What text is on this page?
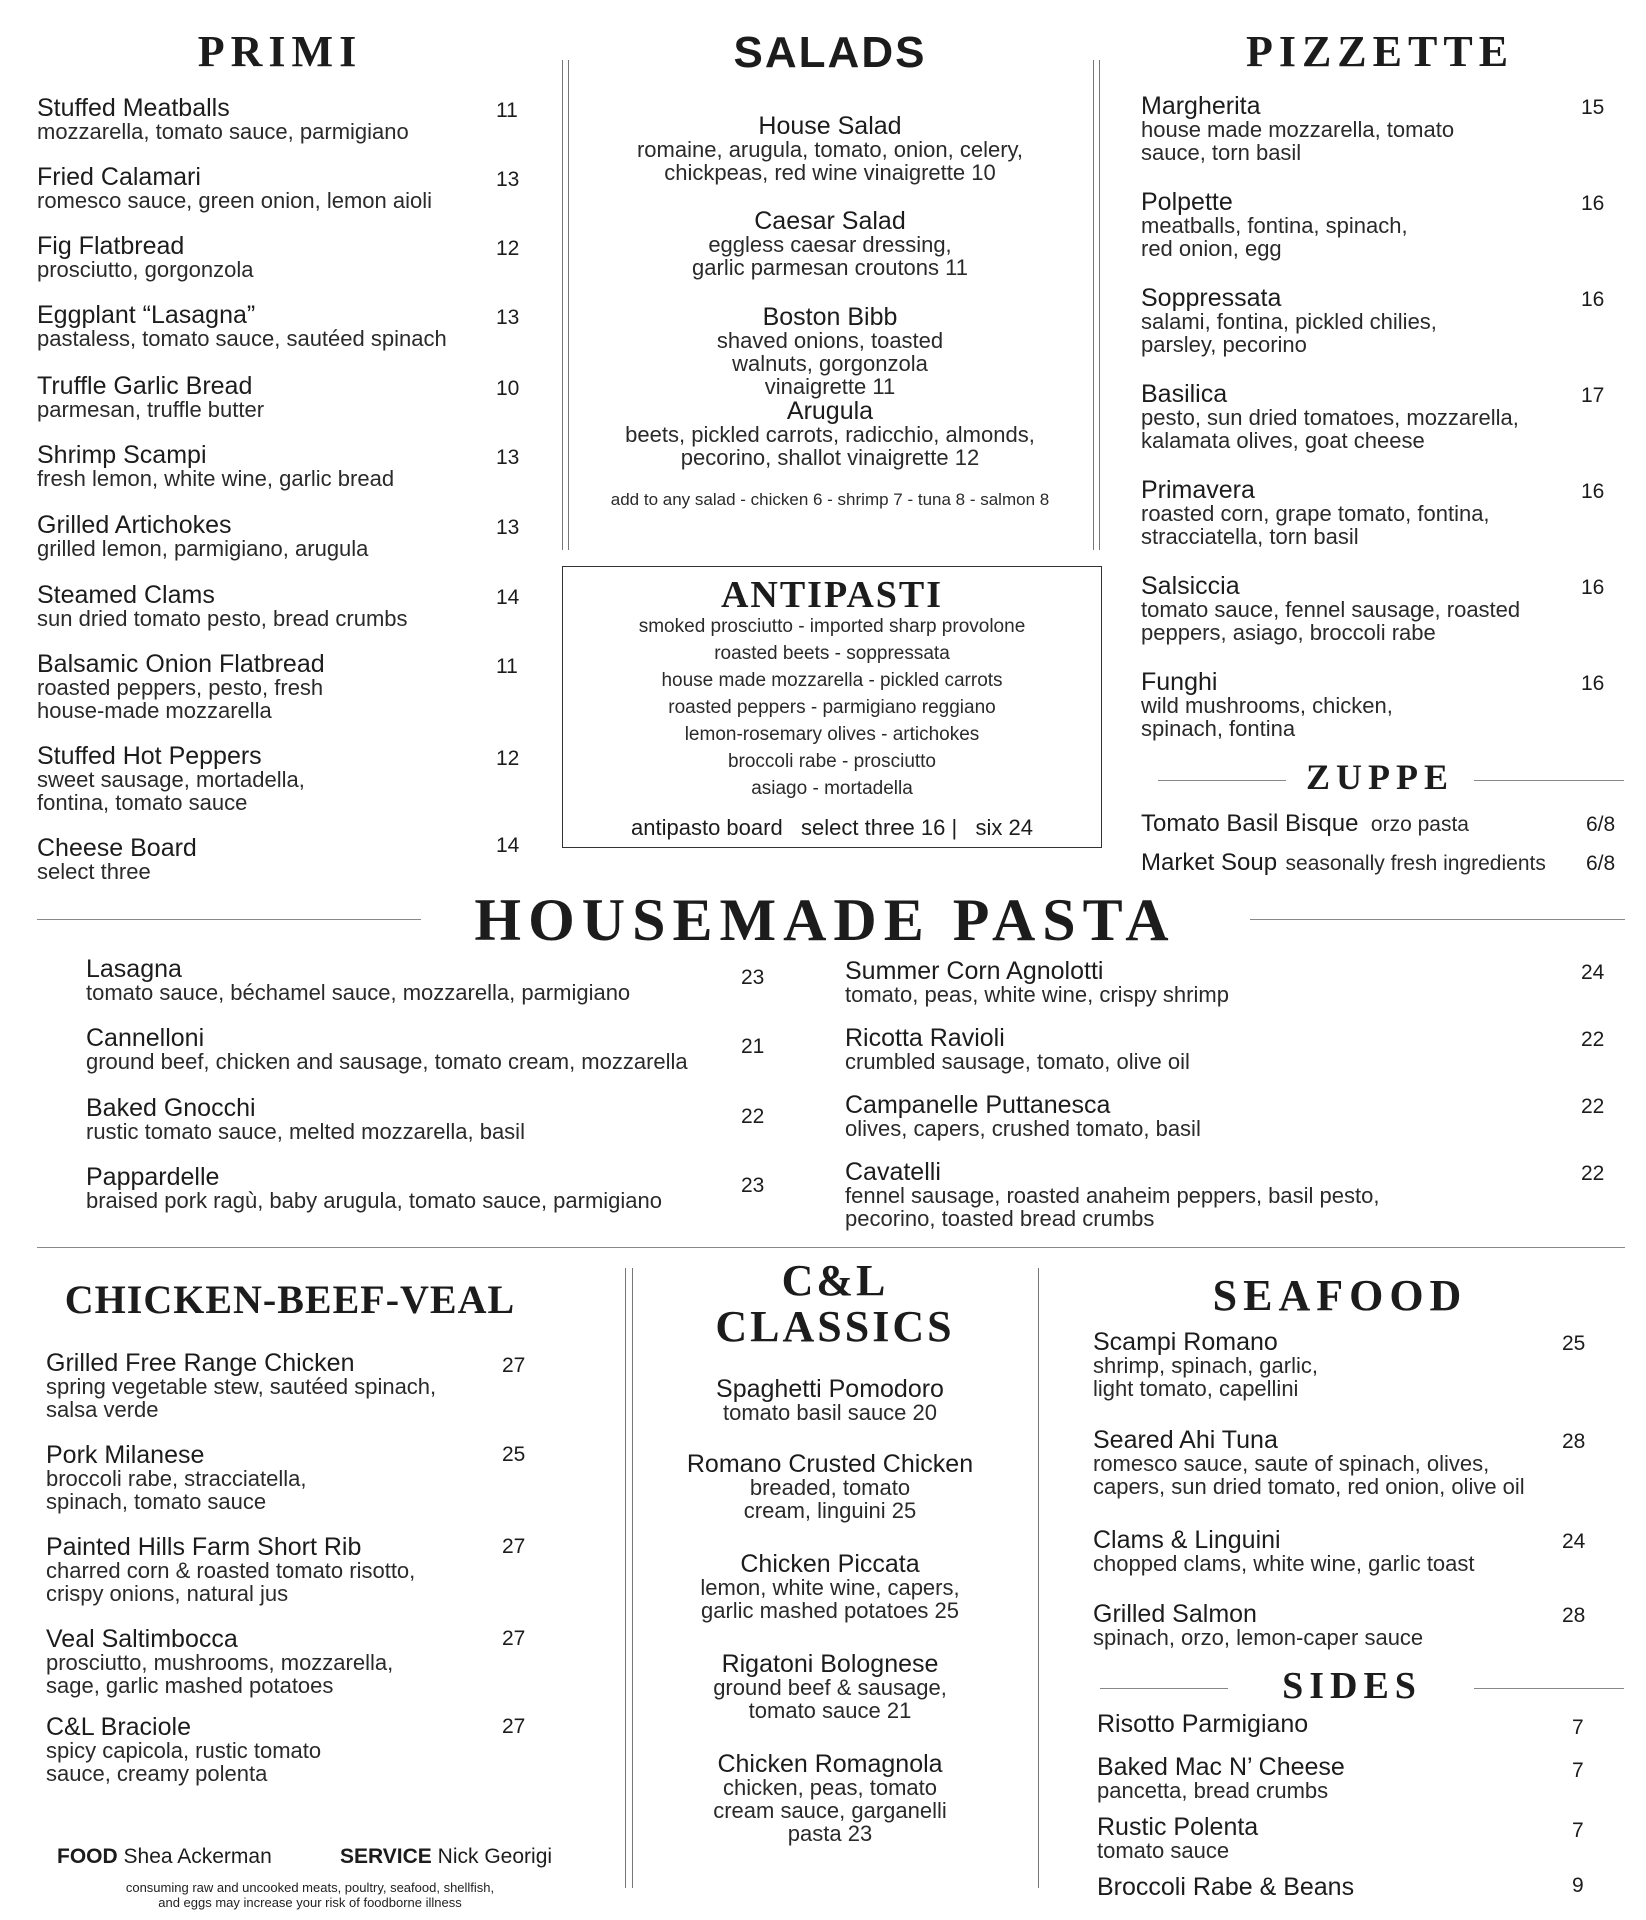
PRIMI
Stuffed Meatballs
mozzarella, tomato sauce, parmigiano
11
Fried Calamari
romesco sauce, green onion, lemon aioli
13
Fig Flatbread
prosciutto, gorgonzola
12
Eggplant “Lasagna”
pastaless, tomato sauce, sautéed spinach
13
Truffle Garlic Bread
parmesan, truffle butter
10
Shrimp Scampi
fresh lemon, white wine, garlic bread
13
Grilled Artichokes
grilled lemon, parmigiano, arugula
13
Steamed Clams
sun dried tomato pesto, bread crumbs
14
Balsamic Onion Flatbread
roasted peppers, pesto, fresh house-made mozzarella
11
Stuffed Hot Peppers
sweet sausage, mortadella, fontina, tomato sauce
12
Cheese Board
select three
14
SALADS
House Salad
romaine, arugula, tomato, onion, celery, chickpeas, red wine vinaigrette 10
Caesar Salad
eggless caesar dressing, garlic parmesan croutons 11
Boston Bibb
shaved onions, toasted walnuts, gorgonzola vinaigrette 11
Arugula
beets, pickled carrots, radicchio, almonds, pecorino, shallot vinaigrette 12
add to any salad - chicken 6 - shrimp 7 - tuna 8 - salmon 8
ANTIPASTI
smoked prosciutto - imported sharp provolone
roasted beets - soppressata
house made mozzarella - pickled carrots
roasted peppers - parmigiano reggiano
lemon-rosemary olives - artichokes
broccoli rabe - prosciutto
asiago - mortadella
antipasto board   select three 16 |   six 24
PIZZETTE
Margherita
house made mozzarella, tomato sauce, torn basil
15
Polpette
meatballs, fontina, spinach, red onion, egg
16
Soppressata
salami, fontina, pickled chilies, parsley, pecorino
16
Basilica
pesto, sun dried tomatoes, mozzarella, kalamata olives, goat cheese
17
Primavera
roasted corn, grape tomato, fontina, stracciatella, torn basil
16
Salsiccia
tomato sauce, fennel sausage, roasted peppers, asiago, broccoli rabe
16
Funghi
wild mushrooms, chicken, spinach, fontina
16
ZUPPE
Tomato Basil Bisque orzo pasta	6/8
Market Soup seasonally fresh ingredients 6/8
HOUSEMADE PASTA
Lasagna
tomato sauce, béchamel sauce, mozzarella, parmigiano
23
Cannelloni
ground beef, chicken and sausage, tomato cream, mozzarella
21
Baked Gnocchi
rustic tomato sauce, melted mozzarella, basil
22
Pappardelle
braised pork ragù, baby arugula, tomato sauce, parmigiano
23
Summer Corn Agnolotti
tomato, peas, white wine, crispy shrimp
24
Ricotta Ravioli
crumbled sausage, tomato, olive oil
22
Campanelle Puttanesca
olives, capers, crushed tomato, basil
22
Cavatelli
fennel sausage, roasted anaheim peppers, basil pesto, pecorino, toasted bread crumbs
22
CHICKEN-BEEF-VEAL
Grilled Free Range Chicken
spring vegetable stew, sautéed spinach, salsa verde
27
Pork Milanese
broccoli rabe, stracciatella, spinach, tomato sauce
25
Painted Hills Farm Short Rib
charred corn & roasted tomato risotto, crispy onions, natural jus
27
Veal Saltimbocca
prosciutto, mushrooms, mozzarella, sage, garlic mashed potatoes
27
C&L Braciole
spicy capicola, rustic tomato sauce, creamy polenta
27
FOOD Shea Ackerman	SERVICE Nick Georigi
consuming raw and uncooked meats, poultry, seafood, shellfish,
and eggs may increase your risk of foodborne illness
C&L
CLASSICS
Spaghetti Pomodoro
tomato basil sauce 20
Romano Crusted Chicken
breaded, tomato cream, linguini 25
Chicken Piccata
lemon, white wine, capers, garlic mashed potatoes 25
Rigatoni Bolognese
ground beef & sausage, tomato sauce 21
Chicken Romagnola
chicken, peas, tomato cream sauce, garganelli pasta 23
SEAFOOD
Scampi Romano
shrimp, spinach, garlic, light tomato, capellini
25
Seared Ahi Tuna
romesco sauce, saute of spinach, olives, capers, sun dried tomato, red onion, olive oil
28
Clams & Linguini
chopped clams, white wine, garlic toast
24
Grilled Salmon
spinach, orzo, lemon-caper sauce
28
SIDES
Risotto Parmigiano	7
Baked Mac N’ Cheese
pancetta, bread crumbs
7
Rustic Polenta
tomato sauce
7
Broccoli Rabe & Beans	9
